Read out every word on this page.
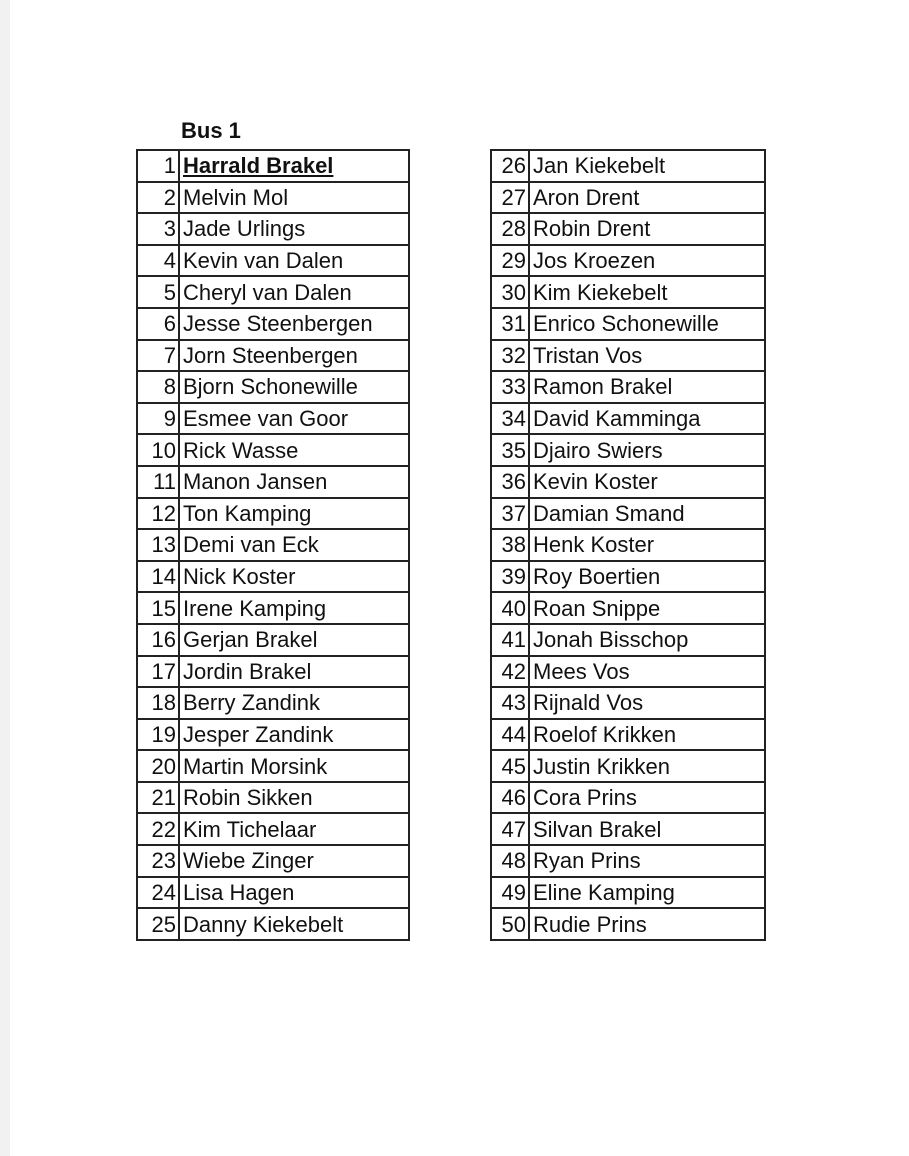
Bus 1
1	Harrald Brakel
2	Melvin Mol
3	Jade Urlings
4	Kevin van Dalen
5	Cheryl van Dalen
6	Jesse Steenbergen
7	Jorn Steenbergen
8	Bjorn Schonewille
9	Esmee van Goor
10	Rick Wasse
11	Manon Jansen
12	Ton Kamping
13	Demi van Eck
14	Nick Koster
15	Irene Kamping
16	Gerjan Brakel
17	Jordin Brakel
18	Berry Zandink
19	Jesper Zandink
20	Martin Morsink
21	Robin Sikken
22	Kim Tichelaar
23	Wiebe Zinger
24	Lisa Hagen
25	Danny Kiekebelt
26	Jan Kiekebelt
27	Aron Drent
28	Robin Drent
29	Jos Kroezen
30	Kim Kiekebelt
31	Enrico Schonewille
32	Tristan Vos
33	Ramon Brakel
34	David Kamminga
35	Djairo Swiers
36	Kevin Koster
37	Damian Smand
38	Henk Koster
39	Roy Boertien
40	Roan Snippe
41	Jonah Bisschop
42	Mees Vos
43	Rijnald Vos
44	Roelof Krikken
45	Justin Krikken
46	Cora Prins
47	Silvan Brakel
48	Ryan Prins
49	Eline Kamping
50	Rudie Prins
